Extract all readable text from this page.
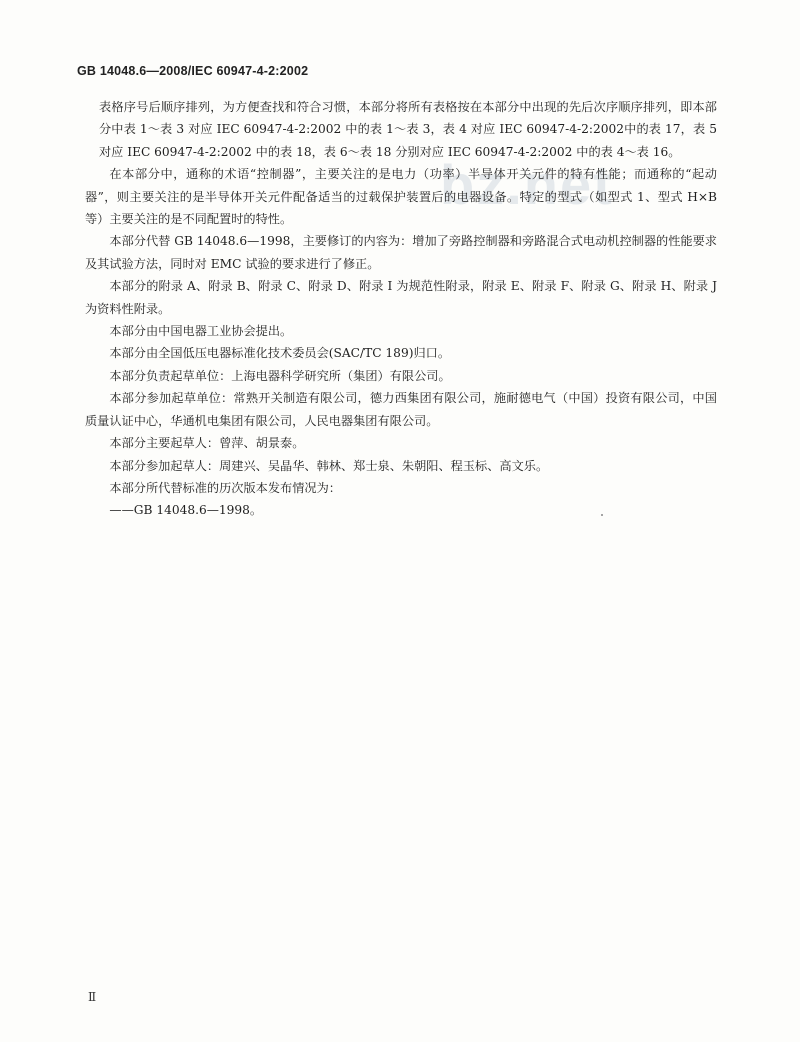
GB 14048.6—2008/IEC 60947-4-2:2002
bz.net

表格序号后顺序排列，为方便查找和符合习惯，本部分将所有表格按在本部分中出现的先后次序顺序排列，即本部分中表 1～表 3 对应 IEC 60947-4-2:2002 中的表 1～表 3，表 4 对应 IEC 60947-4-2:2002中的表 17，表 5 对应 IEC 60947-4-2:2002 中的表 18，表 6～表 18 分别对应 IEC 60947-4-2:2002 中的表 4～表 16。

在本部分中，通称的术语“控制器”，主要关注的是电力（功率）半导体开关元件的特有性能；而通称的“起动器”，则主要关注的是半导体开关元件配备适当的过载保护装置后的电器设备。特定的型式（如型式 1、型式 H×B 等）主要关注的是不同配置时的特性。

本部分代替 GB 14048.6—1998，主要修订的内容为：增加了旁路控制器和旁路混合式电动机控制器的性能要求及其试验方法，同时对 EMC 试验的要求进行了修正。

本部分的附录 A、附录 B、附录 C、附录 D、附录 I 为规范性附录，附录 E、附录 F、附录 G、附录 H、附录 J 为资料性附录。

本部分由中国电器工业协会提出。

本部分由全国低压电器标准化技术委员会(SAC/TC 189)归口。

本部分负责起草单位：上海电器科学研究所（集团）有限公司。

本部分参加起草单位：常熟开关制造有限公司，德力西集团有限公司，施耐德电气（中国）投资有限公司，中国质量认证中心，华通机电集团有限公司，人民电器集团有限公司。

本部分主要起草人：曾萍、胡景泰。

本部分参加起草人：周建兴、吴晶华、韩林、郑士泉、朱朝阳、程玉标、高文乐。

本部分所代替标准的历次版本发布情况为：

——GB 14048.6—1998。

Ⅱ
